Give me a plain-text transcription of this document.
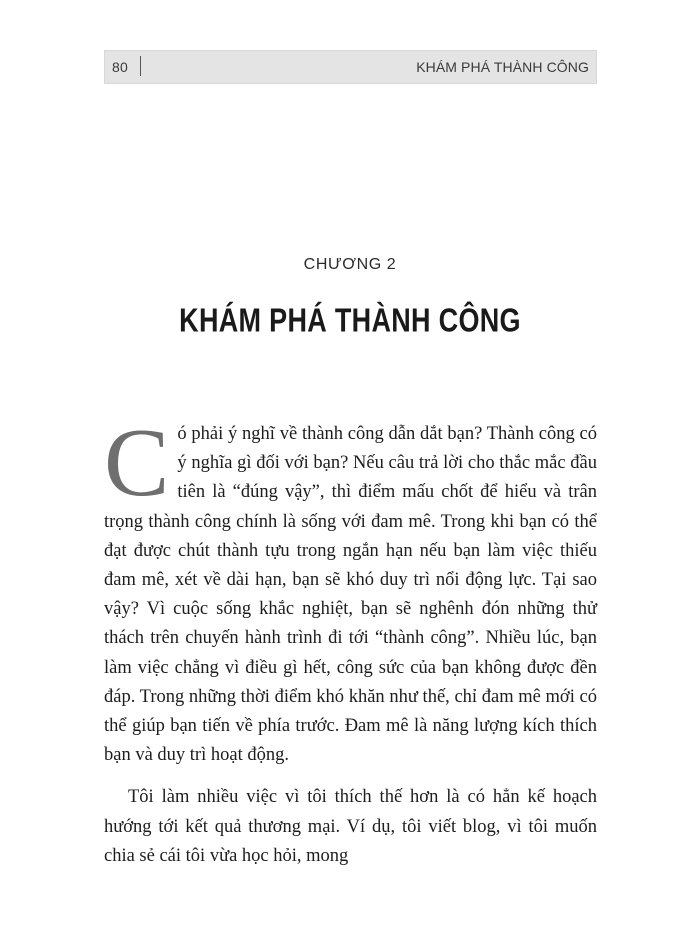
80	KHÁM PHÁ THÀNH CÔNG
CHƯƠNG 2
KHÁM PHÁ THÀNH CÔNG

Có phải ý nghĩ về thành công dẫn dắt bạn? Thành công có ý nghĩa gì đối với bạn? Nếu câu trả lời cho thắc mắc đầu tiên là “đúng vậy”, thì điểm mấu chốt để hiểu và trân trọng thành công chính là sống với đam mê. Trong khi bạn có thể đạt được chút thành tựu trong ngắn hạn nếu bạn làm việc thiếu đam mê, xét về dài hạn, bạn sẽ khó duy trì nổi động lực. Tại sao vậy? Vì cuộc sống khắc nghiệt, bạn sẽ nghênh đón những thử thách trên chuyến hành trình đi tới “thành công”. Nhiều lúc, bạn làm việc chẳng vì điều gì hết, công sức của bạn không được đền đáp. Trong những thời điểm khó khăn như thế, chỉ đam mê mới có thể giúp bạn tiến về phía trước. Đam mê là năng lượng kích thích bạn và duy trì hoạt động.

Tôi làm nhiều việc vì tôi thích thế hơn là có hẳn kế hoạch hướng tới kết quả thương mại. Ví dụ, tôi viết blog, vì tôi muốn chia sẻ cái tôi vừa học hỏi, mong
